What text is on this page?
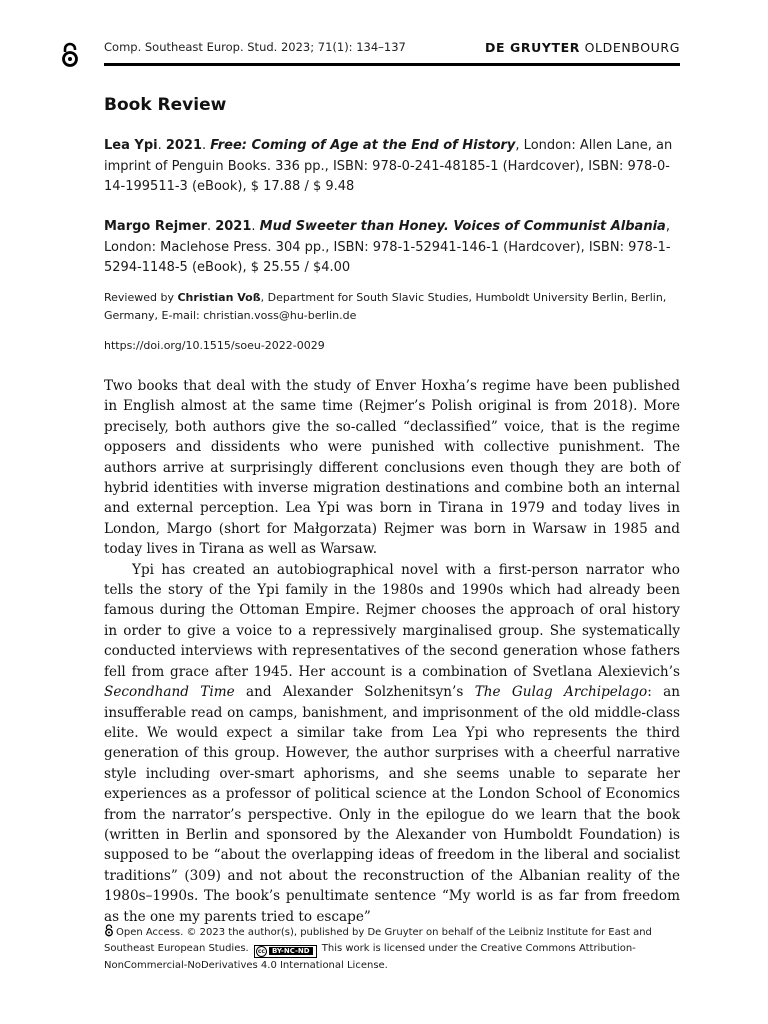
Comp. Southeast Europ. Stud. 2023; 71(1): 134–137	DE GRUYTER OLDENBOURG
Book Review
Lea Ypi. 2021. Free: Coming of Age at the End of History, London: Allen Lane, an imprint of Penguin Books. 336 pp., ISBN: 978-0-241-48185-1 (Hardcover), ISBN: 978-0-14-199511-3 (eBook), $ 17.88 / $ 9.48
Margo Rejmer. 2021. Mud Sweeter than Honey. Voices of Communist Albania, London: Maclehose Press. 304 pp., ISBN: 978-1-52941-146-1 (Hardcover), ISBN: 978-1-5294-1148-5 (eBook), $ 25.55 / $4.00
Reviewed by Christian Voß, Department for South Slavic Studies, Humboldt University Berlin, Berlin, Germany, E-mail: christian.voss@hu-berlin.de
https://doi.org/10.1515/soeu-2022-0029

Two books that deal with the study of Enver Hoxha’s regime have been published in English almost at the same time (Rejmer’s Polish original is from 2018). More precisely, both authors give the so-called “declassified” voice, that is the regime opposers and dissidents who were punished with collective punishment. The authors arrive at surprisingly different conclusions even though they are both of hybrid identities with inverse migration destinations and combine both an internal and external perception. Lea Ypi was born in Tirana in 1979 and today lives in London, Margo (short for Małgorzata) Rejmer was born in Warsaw in 1985 and today lives in Tirana as well as Warsaw.

Ypi has created an autobiographical novel with a first-person narrator who tells the story of the Ypi family in the 1980s and 1990s which had already been famous during the Ottoman Empire. Rejmer chooses the approach of oral history in order to give a voice to a repressively marginalised group. She systematically conducted interviews with representatives of the second generation whose fathers fell from grace after 1945. Her account is a combination of Svetlana Alexievich’s Secondhand Time and Alexander Solzhenitsyn’s The Gulag Archipelago: an insufferable read on camps, banishment, and imprisonment of the old middle-class elite. We would expect a similar take from Lea Ypi who represents the third generation of this group. However, the author surprises with a cheerful narrative style including over-smart aphorisms, and she seems unable to separate her experiences as a professor of political science at the London School of Economics from the narrator’s perspective. Only in the epilogue do we learn that the book (written in Berlin and sponsored by the Alexander von Humboldt Foundation) is supposed to be “about the overlapping ideas of freedom in the liberal and socialist traditions” (309) and not about the reconstruction of the Albanian reality of the 1980s–1990s. The book’s penultimate sentence “My world is as far from freedom as the one my parents tried to escape”

Open Access. © 2023 the author(s), published by De Gruyter on behalf of the Leibniz Institute for East and Southeast European Studies. cc BY-NC-ND This work is licensed under the Creative Commons Attribution-NonCommercial-NoDerivatives 4.0 International License.
